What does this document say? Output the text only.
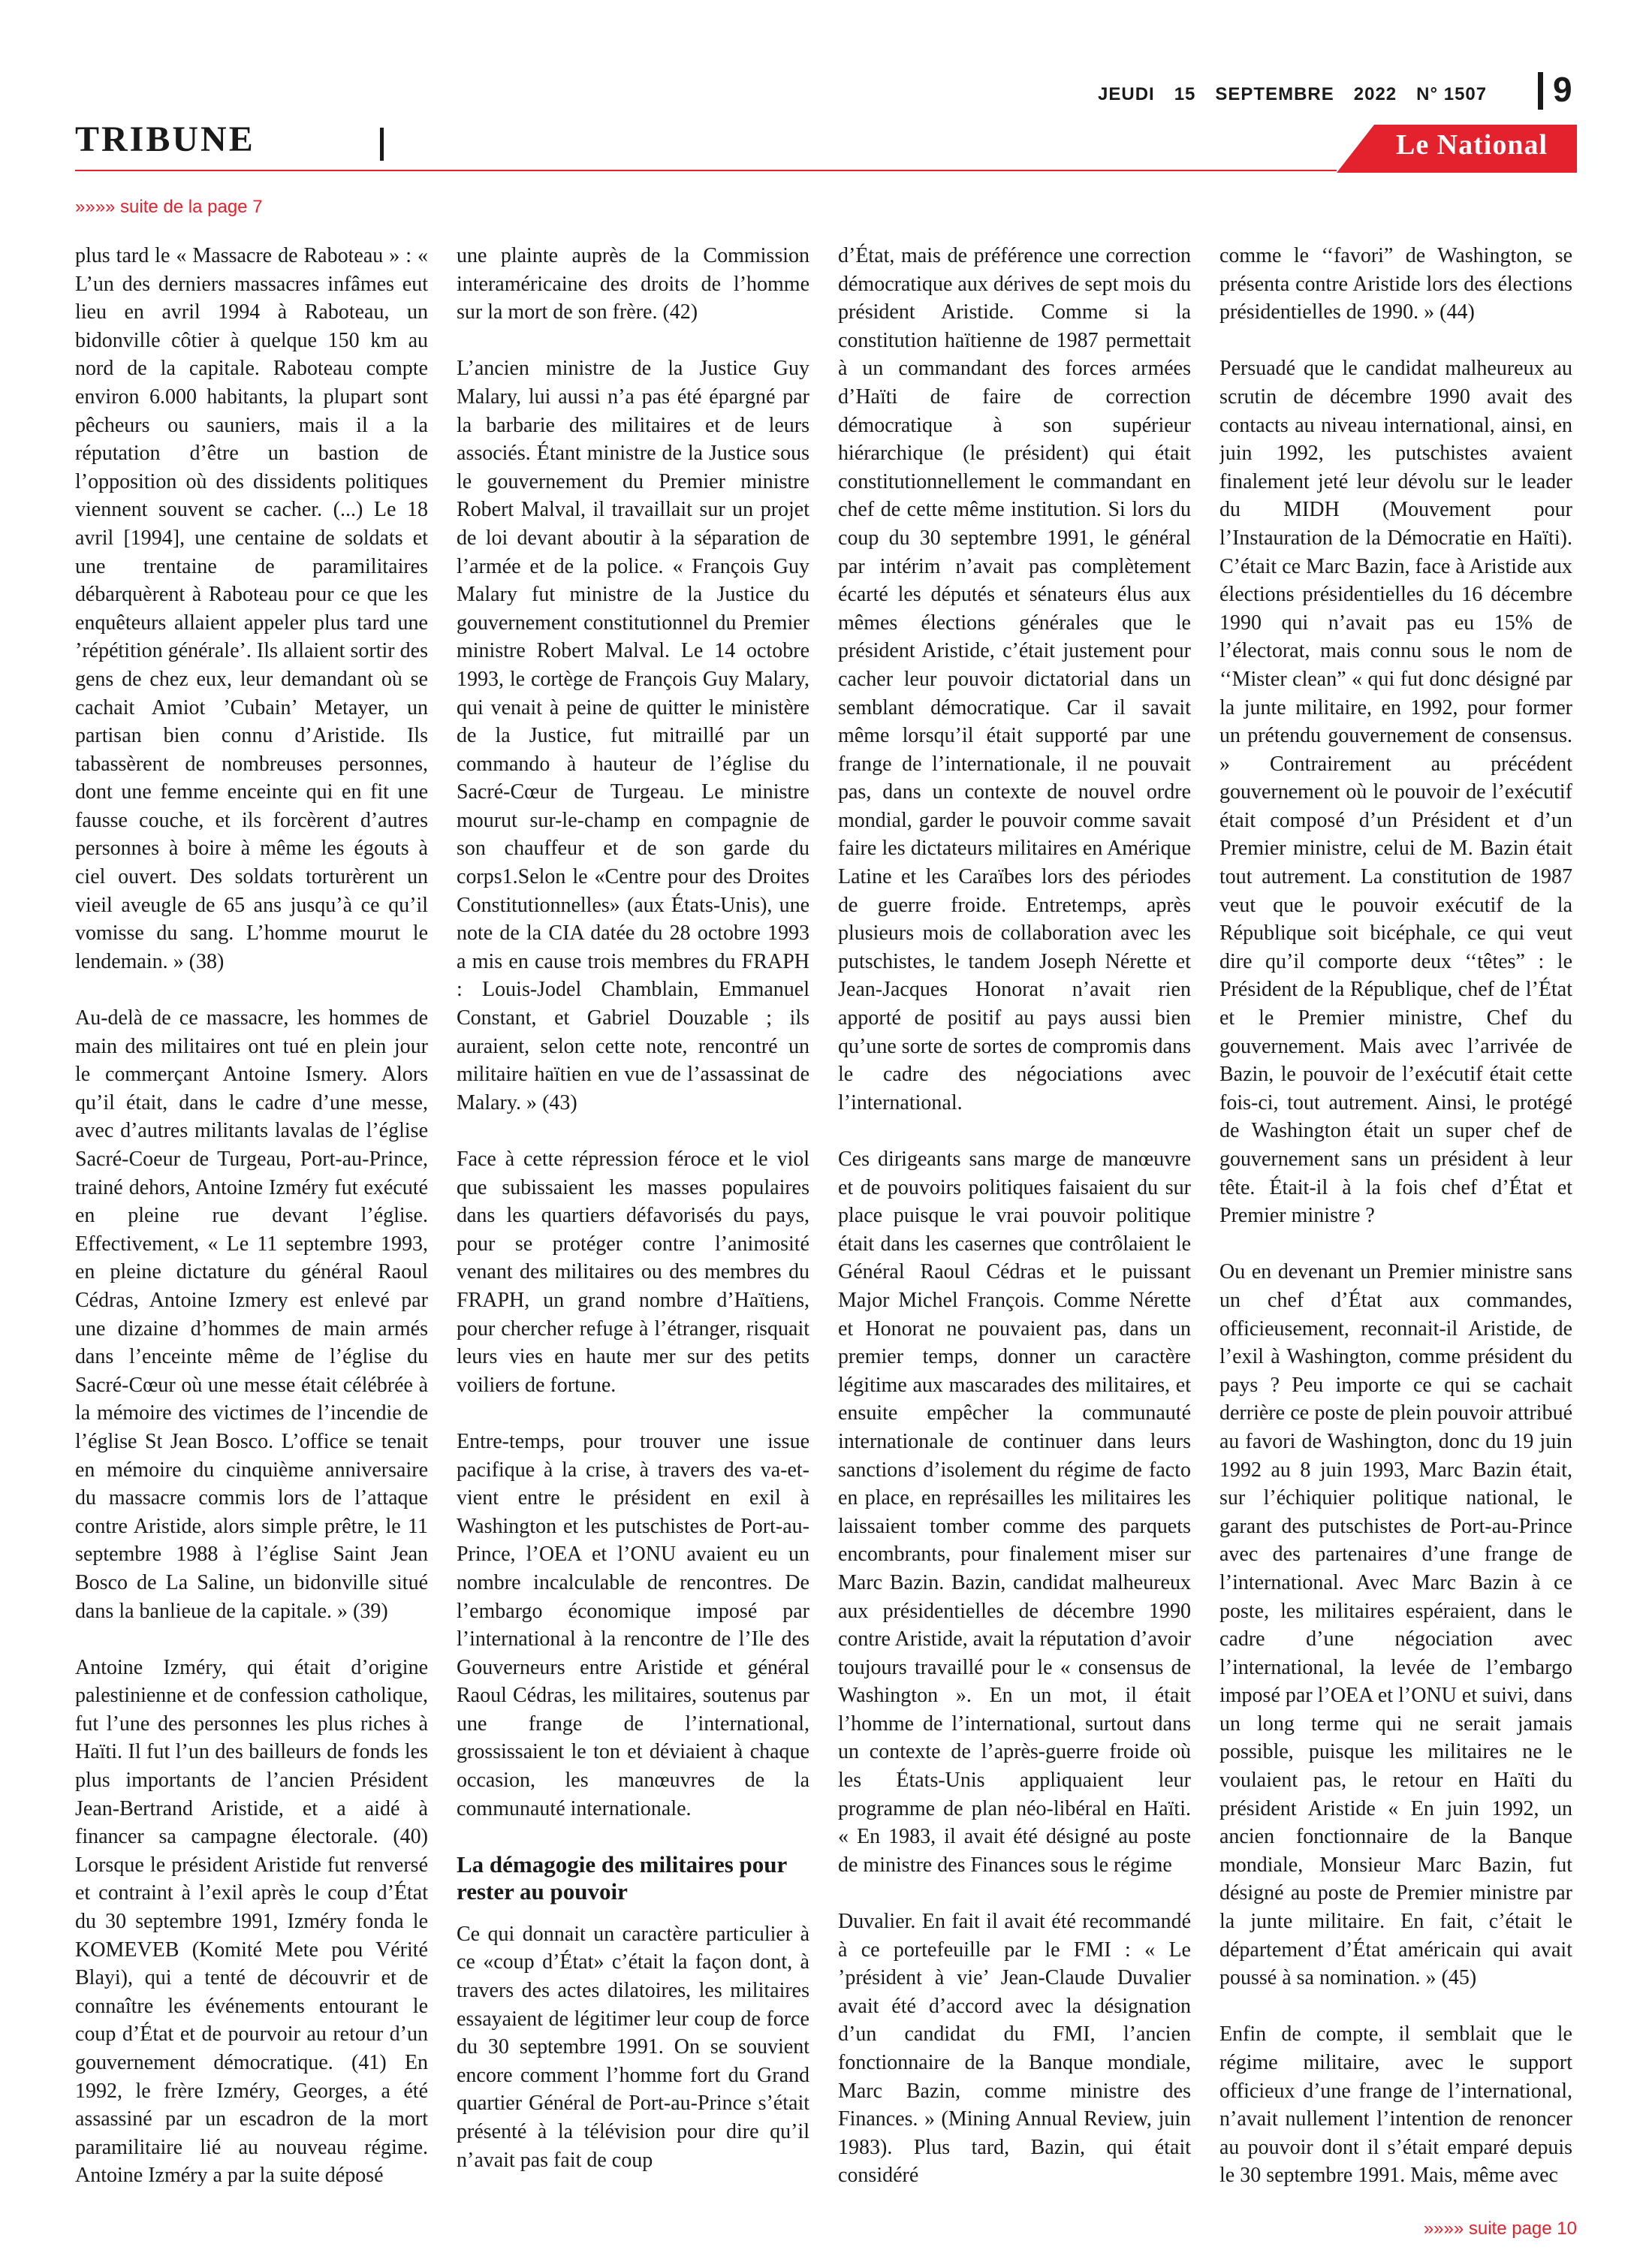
JEUDI 15 SEPTEMBRE 2022 N° 1507	9
TRIBUNE	Le National
»»»» suite de la page 7

plus tard le « Massacre de Raboteau » : « L’un des derniers massacres infâmes eut lieu en avril 1994 à Raboteau, un bidonville côtier à quelque 150 km au nord de la capitale. Raboteau compte environ 6.000 habitants, la plupart sont pêcheurs ou sauniers, mais il a la réputation d’être un bastion de l’opposition où des dissidents politiques viennent souvent se cacher. (...) Le 18 avril [1994], une centaine de soldats et une trentaine de paramilitaires débarquèrent à Raboteau pour ce que les enquêteurs allaient appeler plus tard une ’répétition générale’. Ils allaient sortir des gens de chez eux, leur demandant où se cachait Amiot ’Cubain’ Metayer, un partisan bien connu d’Aristide. Ils tabassèrent de nombreuses personnes, dont une femme enceinte qui en fit une fausse couche, et ils forcèrent d’autres personnes à boire à même les égouts à ciel ouvert. Des soldats torturèrent un vieil aveugle de 65 ans jusqu’à ce qu’il vomisse du sang. L’homme mourut le lendemain. » (38)

Au-delà de ce massacre, les hommes de main des militaires ont tué en plein jour le commerçant Antoine Ismery. Alors qu’il était, dans le cadre d’une messe, avec d’autres militants lavalas de l’église Sacré-Coeur de Turgeau, Port-au-Prince, trainé dehors, Antoine Izméry fut exécuté en pleine rue devant l’église. Effectivement, « Le 11 septembre 1993, en pleine dictature du général Raoul Cédras, Antoine Izmery est enlevé par une dizaine d’hommes de main armés dans l’enceinte même de l’église du Sacré-Cœur où une messe était célébrée à la mémoire des victimes de l’incendie de l’église St Jean Bosco. L’office se tenait en mémoire du cinquième anniversaire du massacre commis lors de l’attaque contre Aristide, alors simple prêtre, le 11 septembre 1988 à l’église Saint Jean Bosco de La Saline, un bidonville situé dans la banlieue de la capitale. » (39)

Antoine Izméry, qui était d’origine palestinienne et de confession catholique, fut l’une des personnes les plus riches à Haïti. Il fut l’un des bailleurs de fonds les plus importants de l’ancien Président Jean-Bertrand Aristide, et a aidé à financer sa campagne électorale. (40) Lorsque le président Aristide fut renversé et contraint à l’exil après le coup d’État du 30 septembre 1991, Izméry fonda le KOMEVEB (Komité Mete pou Vérité Blayi), qui a tenté de découvrir et de connaître les événements entourant le coup d’État et de pourvoir au retour d’un gouvernement démocratique. (41) En 1992, le frère Izméry, Georges, a été assassiné par un escadron de la mort paramilitaire lié au nouveau régime. Antoine Izméry a par la suite déposé

une plainte auprès de la Commission interaméricaine des droits de l’homme sur la mort de son frère. (42)

L’ancien ministre de la Justice Guy Malary, lui aussi n’a pas été épargné par la barbarie des militaires et de leurs associés. Étant ministre de la Justice sous le gouvernement du Premier ministre Robert Malval, il travaillait sur un projet de loi devant aboutir à la séparation de l’armée et de la police. « François Guy Malary fut ministre de la Justice du gouvernement constitutionnel du Premier ministre Robert Malval. Le 14 octobre 1993, le cortège de François Guy Malary, qui venait à peine de quitter le ministère de la Justice, fut mitraillé par un commando à hauteur de l’église du Sacré-Cœur de Turgeau. Le ministre mourut sur-le-champ en compagnie de son chauffeur et de son garde du corps1.Selon le «Centre pour des Droites Constitutionnelles» (aux États-Unis), une note de la CIA datée du 28 octobre 1993 a mis en cause trois membres du FRAPH : Louis-Jodel Chamblain, Emmanuel Constant, et Gabriel Douzable ; ils auraient, selon cette note, rencontré un militaire haïtien en vue de l’assassinat de Malary. » (43)

Face à cette répression féroce et le viol que subissaient les masses populaires dans les quartiers défavorisés du pays, pour se protéger contre l’animosité venant des militaires ou des membres du FRAPH, un grand nombre d’Haïtiens, pour chercher refuge à l’étranger, risquait leurs vies en haute mer sur des petits voiliers de fortune.

Entre-temps, pour trouver une issue pacifique à la crise, à travers des va-et-vient entre le président en exil à Washington et les putschistes de Port-au-Prince, l’OEA et l’ONU avaient eu un nombre incalculable de rencontres. De l’embargo économique imposé par l’international à la rencontre de l’Ile des Gouverneurs entre Aristide et général Raoul Cédras, les militaires, soutenus par une frange de l’international, grossissaient le ton et déviaient à chaque occasion, les manœuvres de la communauté internationale.

La démagogie des militaires pour rester au pouvoir

Ce qui donnait un caractère particulier à ce «coup d’État» c’était la façon dont, à travers des actes dilatoires, les militaires essayaient de légitimer leur coup de force du 30 septembre 1991. On se souvient encore comment l’homme fort du Grand quartier Général de Port-au-Prince s’était présenté à la télévision pour dire qu’il n’avait pas fait de coup

d’État, mais de préférence une correction démocratique aux dérives de sept mois du président Aristide. Comme si la constitution haïtienne de 1987 permettait à un commandant des forces armées d’Haïti de faire de correction démocratique à son supérieur hiérarchique (le président) qui était constitutionnellement le commandant en chef de cette même institution. Si lors du coup du 30 septembre 1991, le général par intérim n’avait pas complètement écarté les députés et sénateurs élus aux mêmes élections générales que le président Aristide, c’était justement pour cacher leur pouvoir dictatorial dans un semblant démocratique. Car il savait même lorsqu’il était supporté par une frange de l’internationale, il ne pouvait pas, dans un contexte de nouvel ordre mondial, garder le pouvoir comme savait faire les dictateurs militaires en Amérique Latine et les Caraïbes lors des périodes de guerre froide. Entretemps, après plusieurs mois de collaboration avec les putschistes, le tandem Joseph Nérette et Jean-Jacques Honorat n’avait rien apporté de positif au pays aussi bien qu’une sorte de sortes de compromis dans le cadre des négociations avec l’international.

Ces dirigeants sans marge de manœuvre et de pouvoirs politiques faisaient du sur place puisque le vrai pouvoir politique était dans les casernes que contrôlaient le Général Raoul Cédras et le puissant Major Michel François. Comme Nérette et Honorat ne pouvaient pas, dans un premier temps, donner un caractère légitime aux mascarades des militaires, et ensuite empêcher la communauté internationale de continuer dans leurs sanctions d’isolement du régime de facto en place, en représailles les militaires les laissaient tomber comme des parquets encombrants, pour finalement miser sur Marc Bazin. Bazin, candidat malheureux aux présidentielles de décembre 1990 contre Aristide, avait la réputation d’avoir toujours travaillé pour le « consensus de Washington ». En un mot, il était l’homme de l’international, surtout dans un contexte de l’après-guerre froide où les États-Unis appliquaient leur programme de plan néo-libéral en Haïti. « En 1983, il avait été désigné au poste de ministre des Finances sous le régime

Duvalier. En fait il avait été recommandé à ce portefeuille par le FMI : « Le ’président à vie’ Jean-Claude Duvalier avait été d’accord avec la désignation d’un candidat du FMI, l’ancien fonctionnaire de la Banque mondiale, Marc Bazin, comme ministre des Finances. » (Mining Annual Review, juin 1983). Plus tard, Bazin, qui était considéré

comme le ‘‘favori” de Washington, se présenta contre Aristide lors des élections présidentielles de 1990. » (44)

Persuadé que le candidat malheureux au scrutin de décembre 1990 avait des contacts au niveau international, ainsi, en juin 1992, les putschistes avaient finalement jeté leur dévolu sur le leader du MIDH (Mouvement pour l’Instauration de la Démocratie en Haïti). C’était ce Marc Bazin, face à Aristide aux élections présidentielles du 16 décembre 1990 qui n’avait pas eu 15% de l’électorat, mais connu sous le nom de ‘‘Mister clean” « qui fut donc désigné par la junte militaire, en 1992, pour former un prétendu gouvernement de consensus. » Contrairement au précédent gouvernement où le pouvoir de l’exécutif était composé d’un Président et d’un Premier ministre, celui de M. Bazin était tout autrement. La constitution de 1987 veut que le pouvoir exécutif de la République soit bicéphale, ce qui veut dire qu’il comporte deux ‘‘têtes” : le Président de la République, chef de l’État et le Premier ministre, Chef du gouvernement. Mais avec l’arrivée de Bazin, le pouvoir de l’exécutif était cette fois-ci, tout autrement. Ainsi, le protégé de Washington était un super chef de gouvernement sans un président à leur tête. Était-il à la fois chef d’État et Premier ministre ?

Ou en devenant un Premier ministre sans un chef d’État aux commandes, officieusement, reconnait-il Aristide, de l’exil à Washington, comme président du pays ? Peu importe ce qui se cachait derrière ce poste de plein pouvoir attribué au favori de Washington, donc du 19 juin 1992 au 8 juin 1993, Marc Bazin était, sur l’échiquier politique national, le garant des putschistes de Port-au-Prince avec des partenaires d’une frange de l’international. Avec Marc Bazin à ce poste, les militaires espéraient, dans le cadre d’une négociation avec l’international, la levée de l’embargo imposé par l’OEA et l’ONU et suivi, dans un long terme qui ne serait jamais possible, puisque les militaires ne le voulaient pas, le retour en Haïti du président Aristide « En juin 1992, un ancien fonctionnaire de la Banque mondiale, Monsieur Marc Bazin, fut désigné au poste de Premier ministre par la junte militaire. En fait, c’était le département d’État américain qui avait poussé à sa nomination. » (45)

Enfin de compte, il semblait que le régime militaire, avec le support officieux d’une frange de l’international, n’avait nullement l’intention de renoncer au pouvoir dont il s’était emparé depuis le 30 septembre 1991. Mais, même avec

»»»» suite page 10
